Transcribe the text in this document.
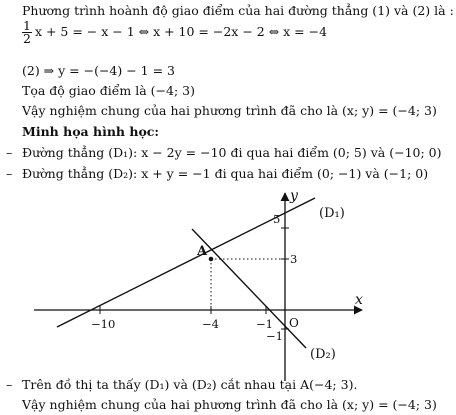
Phương trình hoành độ giao điểm của hai đường thẳng (1) và (2) là :
$\frac{1}{2}$ x + 5 = − x − 1 ⇔ x + 10 = −2x − 2 ⇔ x = −4
(2) ⇒ y = −(−4) − 1 = 3
Tọa độ giao điểm là (−4; 3)
Vậy nghiệm chung của hai phương trình đã cho là (x; y) = (−4; 3)
Minh họa hình học:
– Đường thẳng (D₁): x − 2y = −10 đi qua hai điểm (0; 5) và (−10; 0)
– Đường thẳng (D₂): x + y = −1 đi qua hai điểm (0; −1) và (−1; 0)
A
(D₁)
(D₂)
x
y
O
−10	−4	−1
5
3
−1
– Trên đồ thị ta thấy (D₁) và (D₂) cắt nhau tại A(−4; 3).
Vậy nghiệm chung của hai phương trình đã cho là (x; y) = (−4; 3)
